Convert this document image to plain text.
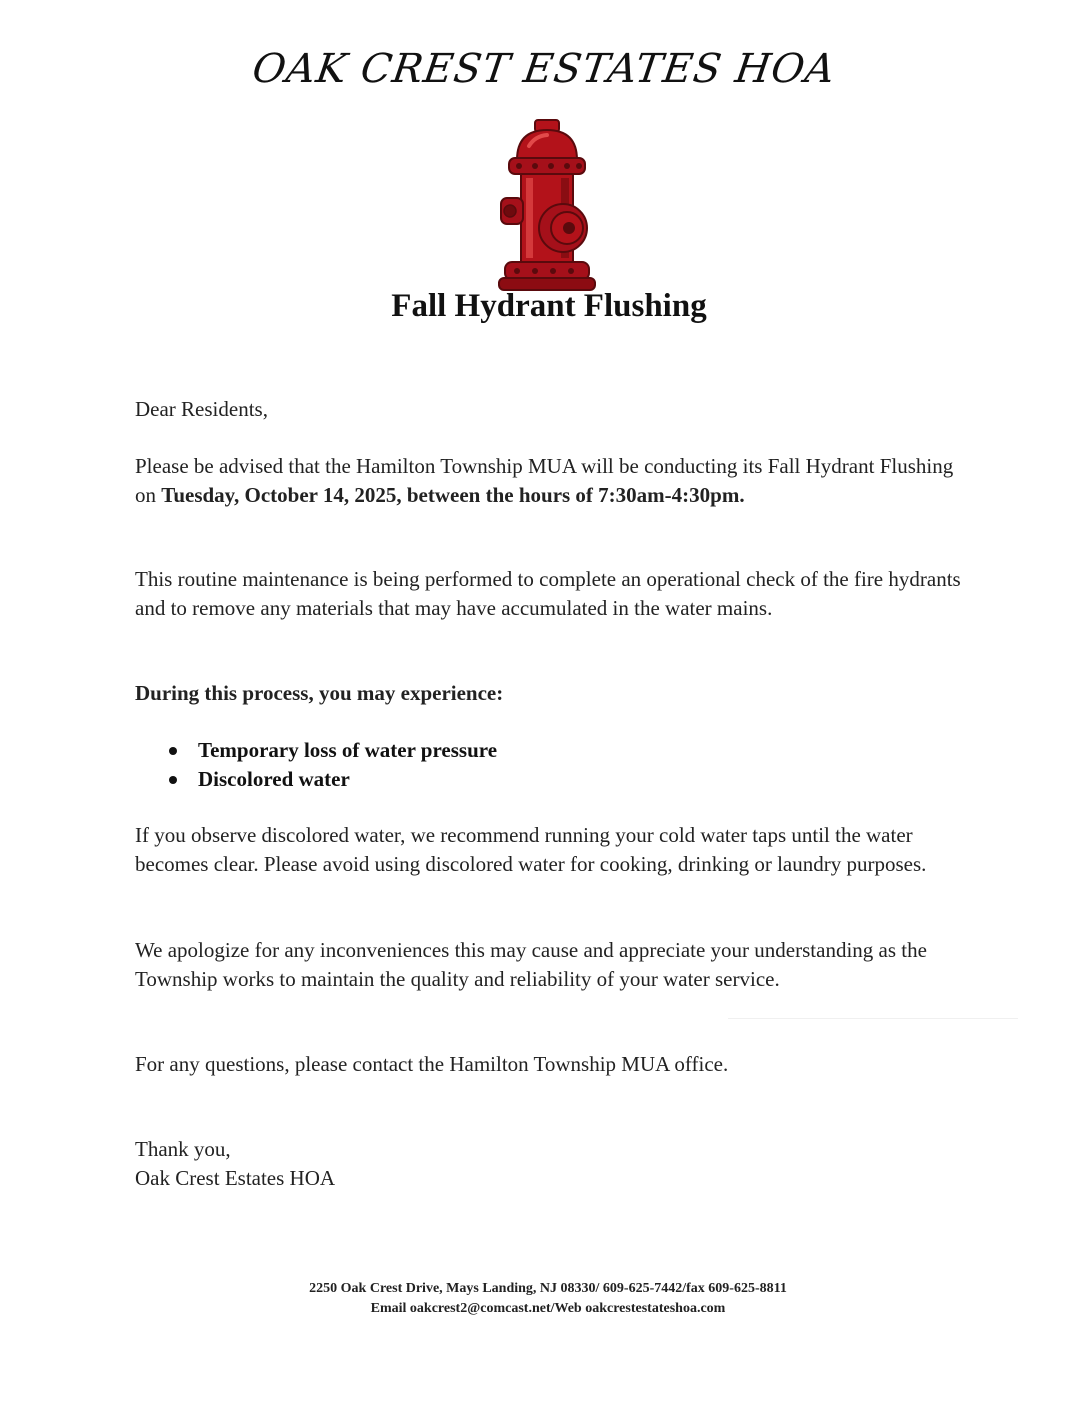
OAK CREST ESTATES HOA
Fall Hydrant Flushing
Dear Residents,
Please be advised that the Hamilton Township MUA will be conducting its Fall Hydrant Flushing on Tuesday, October 14, 2025, between the hours of 7:30am-4:30pm.
This routine maintenance is being performed to complete an operational check of the fire hydrants and to remove any materials that may have accumulated in the water mains.
During this process, you may experience:
Temporary loss of water pressure
Discolored water
If you observe discolored water, we recommend running your cold water taps until the water becomes clear. Please avoid using discolored water for cooking, drinking or laundry purposes.
We apologize for any inconveniences this may cause and appreciate your understanding as the Township works to maintain the quality and reliability of your water service.
For any questions, please contact the Hamilton Township MUA office.
Thank you,
Oak Crest Estates HOA
2250 Oak Crest Drive, Mays Landing, NJ 08330/ 609-625-7442/fax 609-625-8811
Email oakcrest2@comcast.net/Web oakcrestestateshoa.com
